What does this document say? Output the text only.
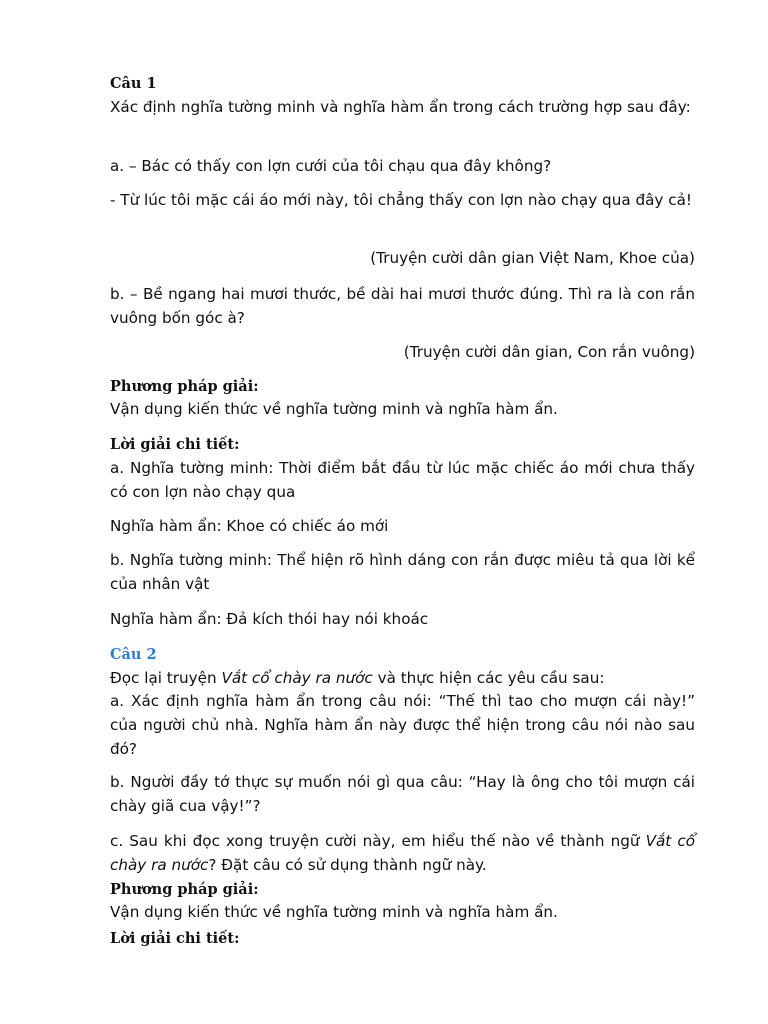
Câu 1

Xác định nghĩa tường minh và nghĩa hàm ẩn trong cách trường hợp sau đây:

a. – Bác có thấy con lợn cưới của tôi chạu qua đây không?

- Từ lúc tôi mặc cái áo mới này, tôi chẳng thấy con lợn nào chạy qua đây cả!

(Truyện cười dân gian Việt Nam, Khoe của)

b. – Bề ngang hai mươi thước, bề dài hai mươi thước đúng. Thì ra là con rắn vuông bốn góc à?

(Truyện cười dân gian, Con rắn vuông)

Phương pháp giải:

Vận dụng kiến thức về nghĩa tường minh và nghĩa hàm ẩn.

Lời giải chi tiết:

a. Nghĩa tường minh: Thời điểm bắt đầu từ lúc mặc chiếc áo mới chưa thấy có con lợn nào chạy qua

Nghĩa hàm ẩn: Khoe có chiếc áo mới

b. Nghĩa tường minh: Thể hiện rõ hình dáng con rắn được miêu tả qua lời kể của nhân vật

Nghĩa hàm ẩn: Đả kích thói hay nói khoác

Câu 2

Đọc lại truyện Vắt cổ chày ra nước và thực hiện các yêu cầu sau:

a. Xác định nghĩa hàm ẩn trong câu nói: “Thế thì tao cho mượn cái này!” của người chủ nhà. Nghĩa hàm ẩn này được thể hiện trong câu nói nào sau đó?

b. Người đầy tớ thực sự muốn nói gì qua câu: “Hay là ông cho tôi mượn cái chày giã cua vậy!”?

c. Sau khi đọc xong truyện cười này, em hiểu thế nào về thành ngữ Vắt cổ chày ra nước? Đặt câu có sử dụng thành ngữ này.

Phương pháp giải:

Vận dụng kiến thức về nghĩa tường minh và nghĩa hàm ẩn.

Lời giải chi tiết:
